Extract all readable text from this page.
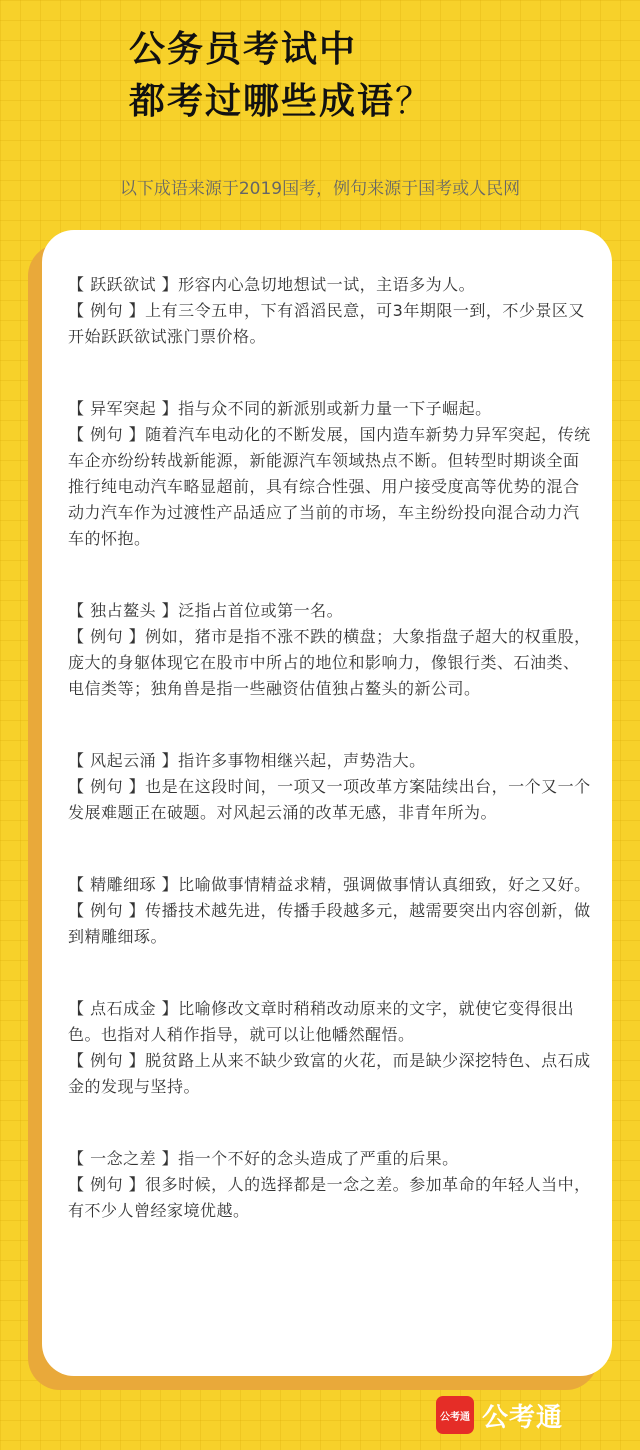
公务员考试中
都考过哪些成语？

以下成语来源于2019国考，例句来源于国考或人民网

【 跃跃欲试 】形容内心急切地想试一试，主语多为人。

【 例句 】上有三令五申，下有滔滔民意，可3年期限一到，不少景区又开始跃跃欲试涨门票价格。

【 异军突起 】指与众不同的新派别或新力量一下子崛起。

【 例句 】随着汽车电动化的不断发展，国内造车新势力异军突起，传统车企亦纷纷转战新能源，新能源汽车领域热点不断。但转型时期谈全面推行纯电动汽车略显超前，具有综合性强、用户接受度高等优势的混合动力汽车作为过渡性产品适应了当前的市场，车主纷纷投向混合动力汽车的怀抱。

【 独占鳌头 】泛指占首位或第一名。

【 例句 】例如，猪市是指不涨不跌的横盘；大象指盘子超大的权重股，庞大的身躯体现它在股市中所占的地位和影响力，像银行类、石油类、电信类等；独角兽是指一些融资估值独占鳌头的新公司。

【 风起云涌 】指许多事物相继兴起，声势浩大。

【 例句 】也是在这段时间，一项又一项改革方案陆续出台，一个又一个发展难题正在破题。对风起云涌的改革无感，非青年所为。

【 精雕细琢 】比喻做事情精益求精，强调做事情认真细致，好之又好。

【 例句 】传播技术越先进，传播手段越多元，越需要突出内容创新，做到精雕细琢。

【 点石成金 】比喻修改文章时稍稍改动原来的文字，就使它变得很出色。也指对人稍作指导，就可以让他幡然醒悟。

【 例句 】脱贫路上从来不缺少致富的火花，而是缺少深挖特色、点石成金的发现与坚持。

【 一念之差 】指一个不好的念头造成了严重的后果。

【 例句 】很多时候，人的选择都是一念之差。参加革命的年轻人当中，有不少人曾经家境优越。

公考通 公考通
